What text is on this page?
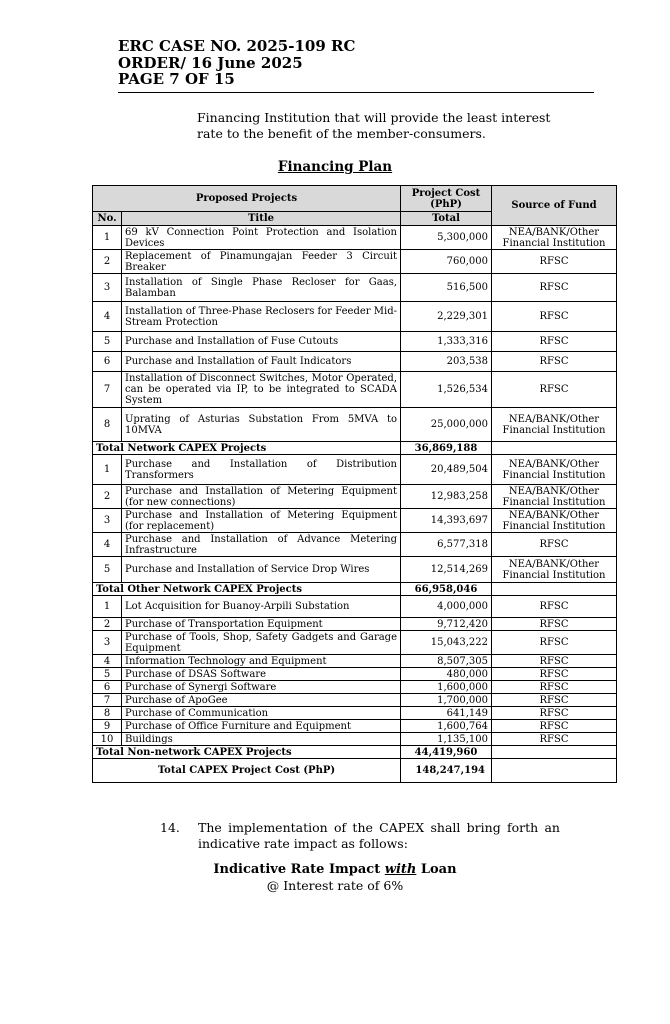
ERC CASE NO. 2025-109 RC
ORDER/ 16 June 2025
PAGE 7 OF 15
Financing Institution that will provide the least interest rate to the benefit of the member-consumers.
Financing Plan
Proposed Projects		Project Cost (PhP)	Source of Fund
No.	Title	Total	
1	69 kV Connection Point Protection and Isolation Devices	5,300,000	NEA/BANK/Other Financial Institution
2	Replacement of Pinamungajan Feeder 3 Circuit Breaker	760,000	RFSC
3	Installation of Single Phase Recloser for Gaas, Balamban	516,500	RFSC
4	Installation of Three-Phase Reclosers for Feeder Mid-Stream Protection	2,229,301	RFSC
5	Purchase and Installation of Fuse Cutouts	1,333,316	RFSC
6	Purchase and Installation of Fault Indicators	203,538	RFSC
7	Installation of Disconnect Switches, Motor Operated, can be operated via IP, to be integrated to SCADA System	1,526,534	RFSC
8	Uprating of Asturias Substation From 5MVA to 10MVA	25,000,000	NEA/BANK/Other Financial Institution
Total Network CAPEX Projects		36,869,188	
1	Purchase and Installation of Distribution Transformers	20,489,504	NEA/BANK/Other Financial Institution
2	Purchase and Installation of Metering Equipment (for new connections)	12,983,258	NEA/BANK/Other Financial Institution
3	Purchase and Installation of Metering Equipment (for replacement)	14,393,697	NEA/BANK/Other Financial Institution
4	Purchase and Installation of Advance Metering Infrastructure	6,577,318	RFSC
5	Purchase and Installation of Service Drop Wires	12,514,269	NEA/BANK/Other Financial Institution
Total Other Network CAPEX Projects		66,958,046	
1	Lot Acquisition for Buanoy-Arpili Substation	4,000,000	RFSC
2	Purchase of Transportation Equipment	9,712,420	RFSC
3	Purchase of Tools, Shop, Safety Gadgets and Garage Equipment	15,043,222	RFSC
4	Information Technology and Equipment	8,507,305	RFSC
5	Purchase of DSAS Software	480,000	RFSC
6	Purchase of Synergi Software	1,600,000	RFSC
7	Purchase of ApoGee	1,700,000	RFSC
8	Purchase of Communication	641,149	RFSC
9	Purchase of Office Furniture and Equipment	1,600,764	RFSC
10	Buildings	1,135,100	RFSC
Total Non-network CAPEX Projects		44,419,960	
Total CAPEX Project Cost (PhP)		148,247,194	
14. The implementation of the CAPEX shall bring forth an indicative rate impact as follows:
Indicative Rate Impact with Loan
@ Interest rate of 6%
